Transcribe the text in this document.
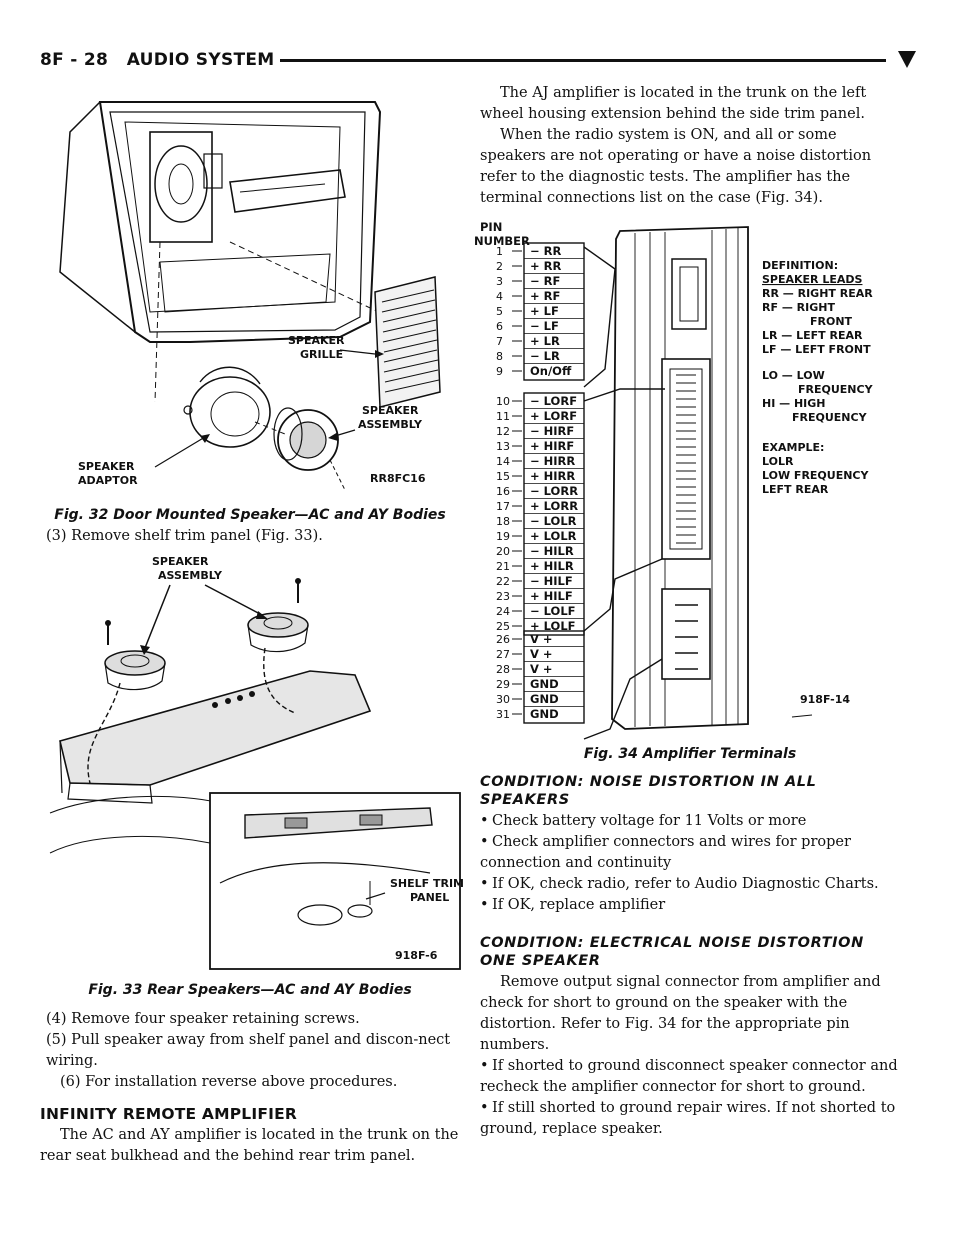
8F - 28 AUDIO SYSTEM
SPEAKER
GRILLE
SPEAKER
ASSEMBLY
SPEAKER
ADAPTOR	RR8FC16
Fig. 32 Door Mounted Speaker—AC and AY Bodies

(3) Remove shelf trim panel (Fig. 33).

SPEAKER
ASSEMBLY
SHELF TRIM
PANEL
918F-6
Fig. 33 Rear Speakers—AC and AY Bodies

(4) Remove four speaker retaining screws.

(5) Pull speaker away from shelf panel and discon-nect wiring.

(6) For installation reverse above procedures.

INFINITY REMOTE AMPLIFIER

The AC and AY amplifier is located in the trunk on the rear seat bulkhead and the behind rear trim panel.

The AJ amplifier is located in the trunk on the left wheel housing extension behind the side trim panel.

When the radio system is ON, and all or some speakers are not operating or have a noise distortion refer to the diagnostic tests. The amplifier has the terminal connections list on the case (Fig. 34).

PIN
NUMBER
1 − RR
2 + RR
3 − RF
4 + RF
5 + LF
6 − LF
7 + LR
8 − LR
9 On/Off
10 − LORF
11 + LORF
12 − HIRF
13 + HIRF
14 − HIRR
15 + HIRR
16 − LORR
17 + LORR
18 − LOLR
19 + LOLR
20 − HILR
21 + HILR
22 − HILF
23 + HILF
24 − LOLF
25 + LOLF
26 V +
27 V +
28 V +
29 GND
30 GND
31 GND
DEFINITION:
SPEAKER LEADS
RR — RIGHT REAR
RF — RIGHT
FRONT
LR — LEFT REAR
LF — LEFT FRONT
LO — LOW
FREQUENCY
HI — HIGH
FREQUENCY
EXAMPLE:
LOLR
LOW FREQUENCY
LEFT REAR
918F-14
Fig. 34 Amplifier Terminals
CONDITION: NOISE DISTORTION IN ALL SPEAKERS

• Check battery voltage for 11 Volts or more

• Check amplifier connectors and wires for proper connection and continuity

• If OK, check radio, refer to Audio Diagnostic Charts.

• If OK, replace amplifier

CONDITION: ELECTRICAL NOISE DISTORTION ONE SPEAKER

Remove output signal connector from amplifier and check for short to ground on the speaker with the distortion. Refer to Fig. 34 for the appropriate pin numbers.

• If shorted to ground disconnect speaker connector and recheck the amplifier connector for short to ground.

• If still shorted to ground repair wires. If not shorted to ground, replace speaker.
